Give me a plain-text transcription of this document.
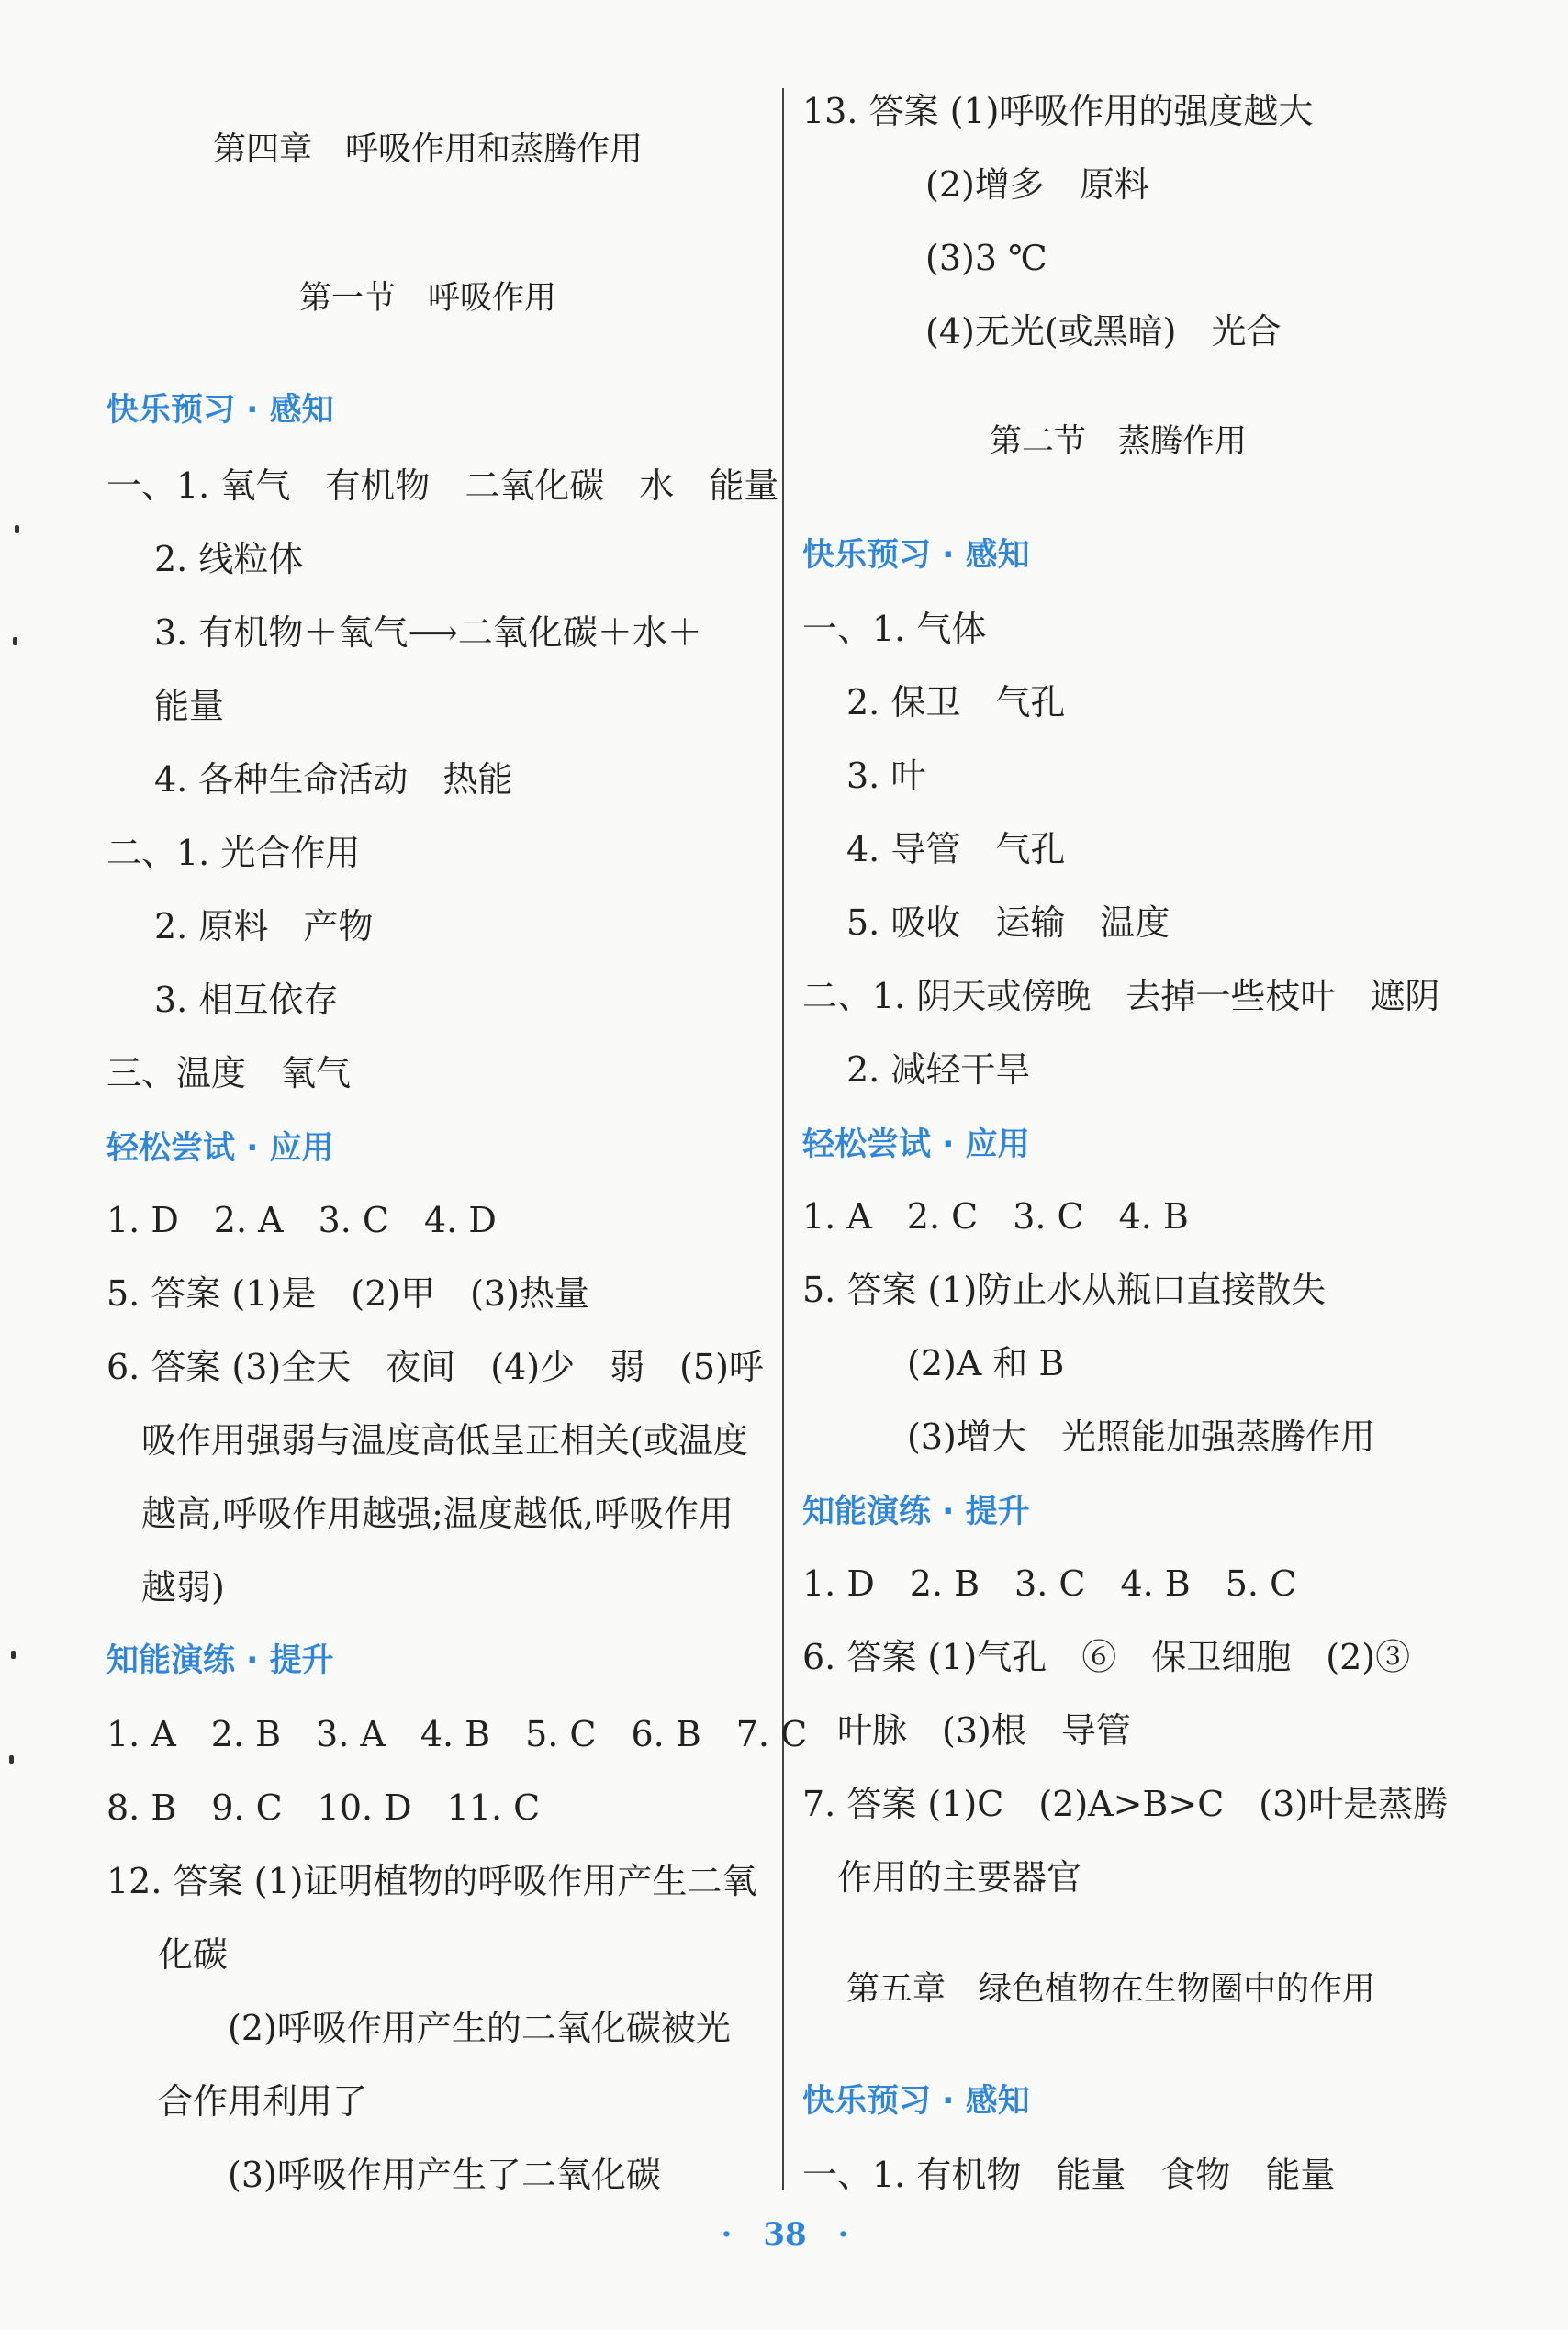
第四章　呼吸作用和蒸腾作用
第一节　呼吸作用
快乐预习 · 感知
一、1. 氧气　有机物　二氧化碳　水　能量
2. 线粒体
3. 有机物＋氧气⟶二氧化碳＋水＋
能量
4. 各种生命活动　热能
二、1. 光合作用
2. 原料　产物
3. 相互依存
三、温度　氧气
轻松尝试 · 应用
1. D　2. A　3. C　4. D
5. 答案 (1)是　(2)甲　(3)热量
6. 答案 (3)全天　夜间　(4)少　弱　(5)呼
吸作用强弱与温度高低呈正相关(或温度
越高,呼吸作用越强;温度越低,呼吸作用
越弱)
知能演练 · 提升
1. A　2. B　3. A　4. B　5. C　6. B　7. C
8. B　9. C　10. D　11. C
12. 答案 (1)证明植物的呼吸作用产生二氧
化碳
(2)呼吸作用产生的二氧化碳被光
合作用利用了
(3)呼吸作用产生了二氧化碳
13. 答案 (1)呼吸作用的强度越大
(2)增多　原料
(3)3 ℃
(4)无光(或黑暗)　光合
第二节　蒸腾作用
快乐预习 · 感知
一、1. 气体
2. 保卫　气孔
3. 叶
4. 导管　气孔
5. 吸收　运输　温度
二、1. 阴天或傍晚　去掉一些枝叶　遮阴
2. 减轻干旱
轻松尝试 · 应用
1. A　2. C　3. C　4. B
5. 答案 (1)防止水从瓶口直接散失
(2)A 和 B
(3)增大　光照能加强蒸腾作用
知能演练 · 提升
1. D　2. B　3. C　4. B　5. C
6. 答案 (1)气孔　⑥　保卫细胞　(2)③
叶脉　(3)根　导管
7. 答案 (1)C　(2)A>B>C　(3)叶是蒸腾
作用的主要器官
第五章　绿色植物在生物圈中的作用
快乐预习 · 感知
一、1. 有机物　能量　食物　能量
·　38　·
